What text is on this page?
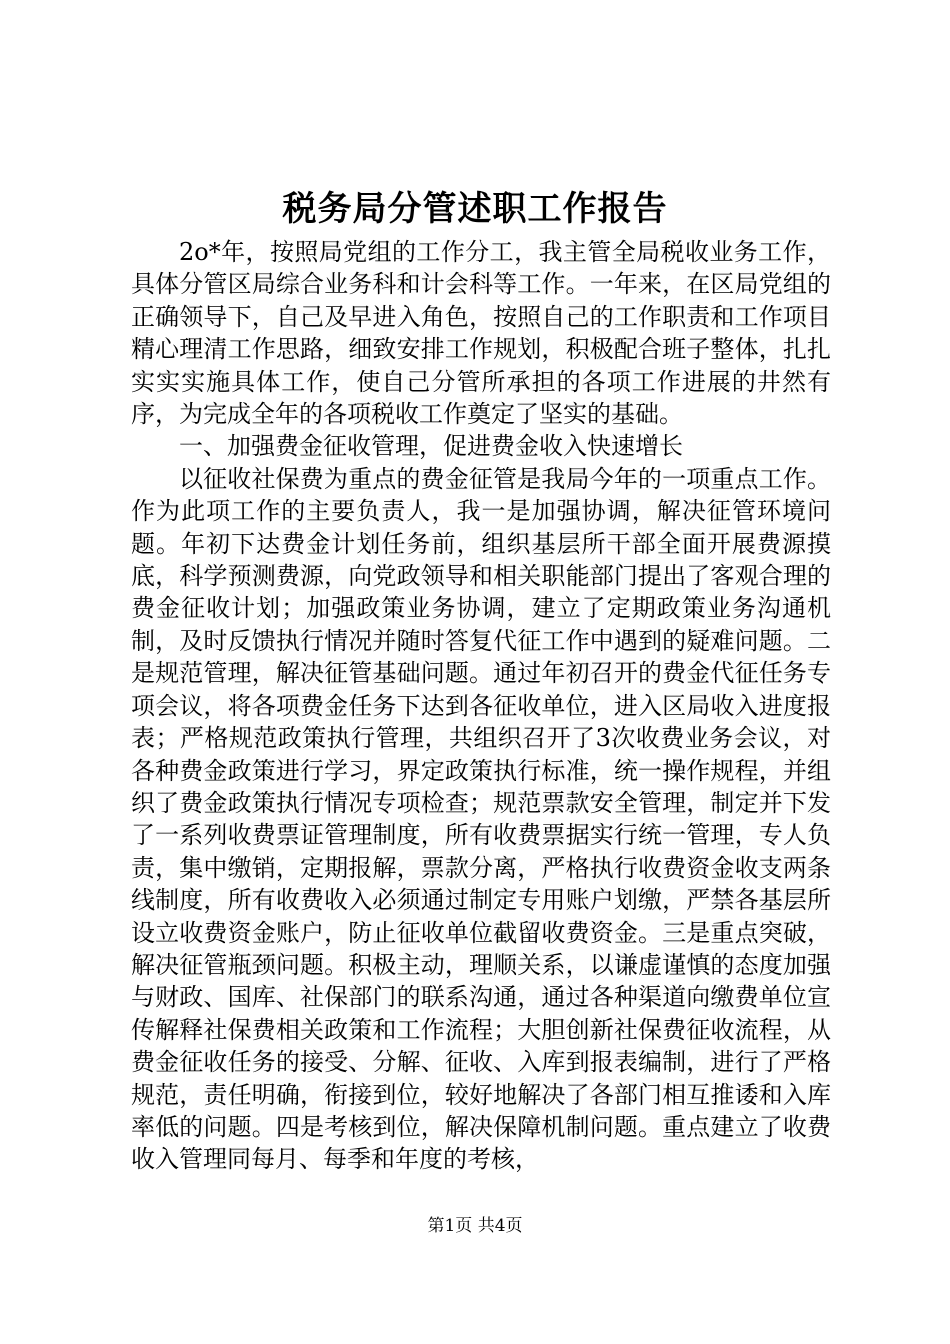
税务局分管述职工作报告

2o*年，按照局党组的工作分工，我主管全局税收业务工作，具体分管区局综合业务科和计会科等工作。一年来，在区局党组的正确领导下，自己及早进入角色，按照自己的工作职责和工作项目精心理清工作思路，细致安排工作规划，积极配合班子整体，扎扎实实实施具体工作，使自己分管所承担的各项工作进展的井然有序，为完成全年的各项税收工作奠定了坚实的基础。

一、加强费金征收管理，促进费金收入快速增长

以征收社保费为重点的费金征管是我局今年的一项重点工作。作为此项工作的主要负责人，我一是加强协调，解决征管环境问题。年初下达费金计划任务前，组织基层所干部全面开展费源摸底，科学预测费源，向党政领导和相关职能部门提出了客观合理的费金征收计划；加强政策业务协调，建立了定期政策业务沟通机制，及时反馈执行情况并随时答复代征工作中遇到的疑难问题。二是规范管理，解决征管基础问题。通过年初召开的费金代征任务专项会议，将各项费金任务下达到各征收单位，进入区局收入进度报表；严格规范政策执行管理，共组织召开了3次收费业务会议，对各种费金政策进行学习，界定政策执行标准，统一操作规程，并组织了费金政策执行情况专项检查；规范票款安全管理，制定并下发了一系列收费票证管理制度，所有收费票据实行统一管理，专人负责，集中缴销，定期报解，票款分离，严格执行收费资金收支两条线制度，所有收费收入必须通过制定专用账户划缴，严禁各基层所设立收费资金账户，防止征收单位截留收费资金。三是重点突破，解决征管瓶颈问题。积极主动，理顺关系，以谦虚谨慎的态度加强与财政、国库、社保部门的联系沟通，通过各种渠道向缴费单位宣传解释社保费相关政策和工作流程；大胆创新社保费征收流程，从费金征收任务的接受、分解、征收、入库到报表编制，进行了严格规范，责任明确，衔接到位，较好地解决了各部门相互推诿和入库率低的问题。四是考核到位，解决保障机制问题。重点建立了收费收入管理同每月、每季和年度的考核，

第1页 共4页
